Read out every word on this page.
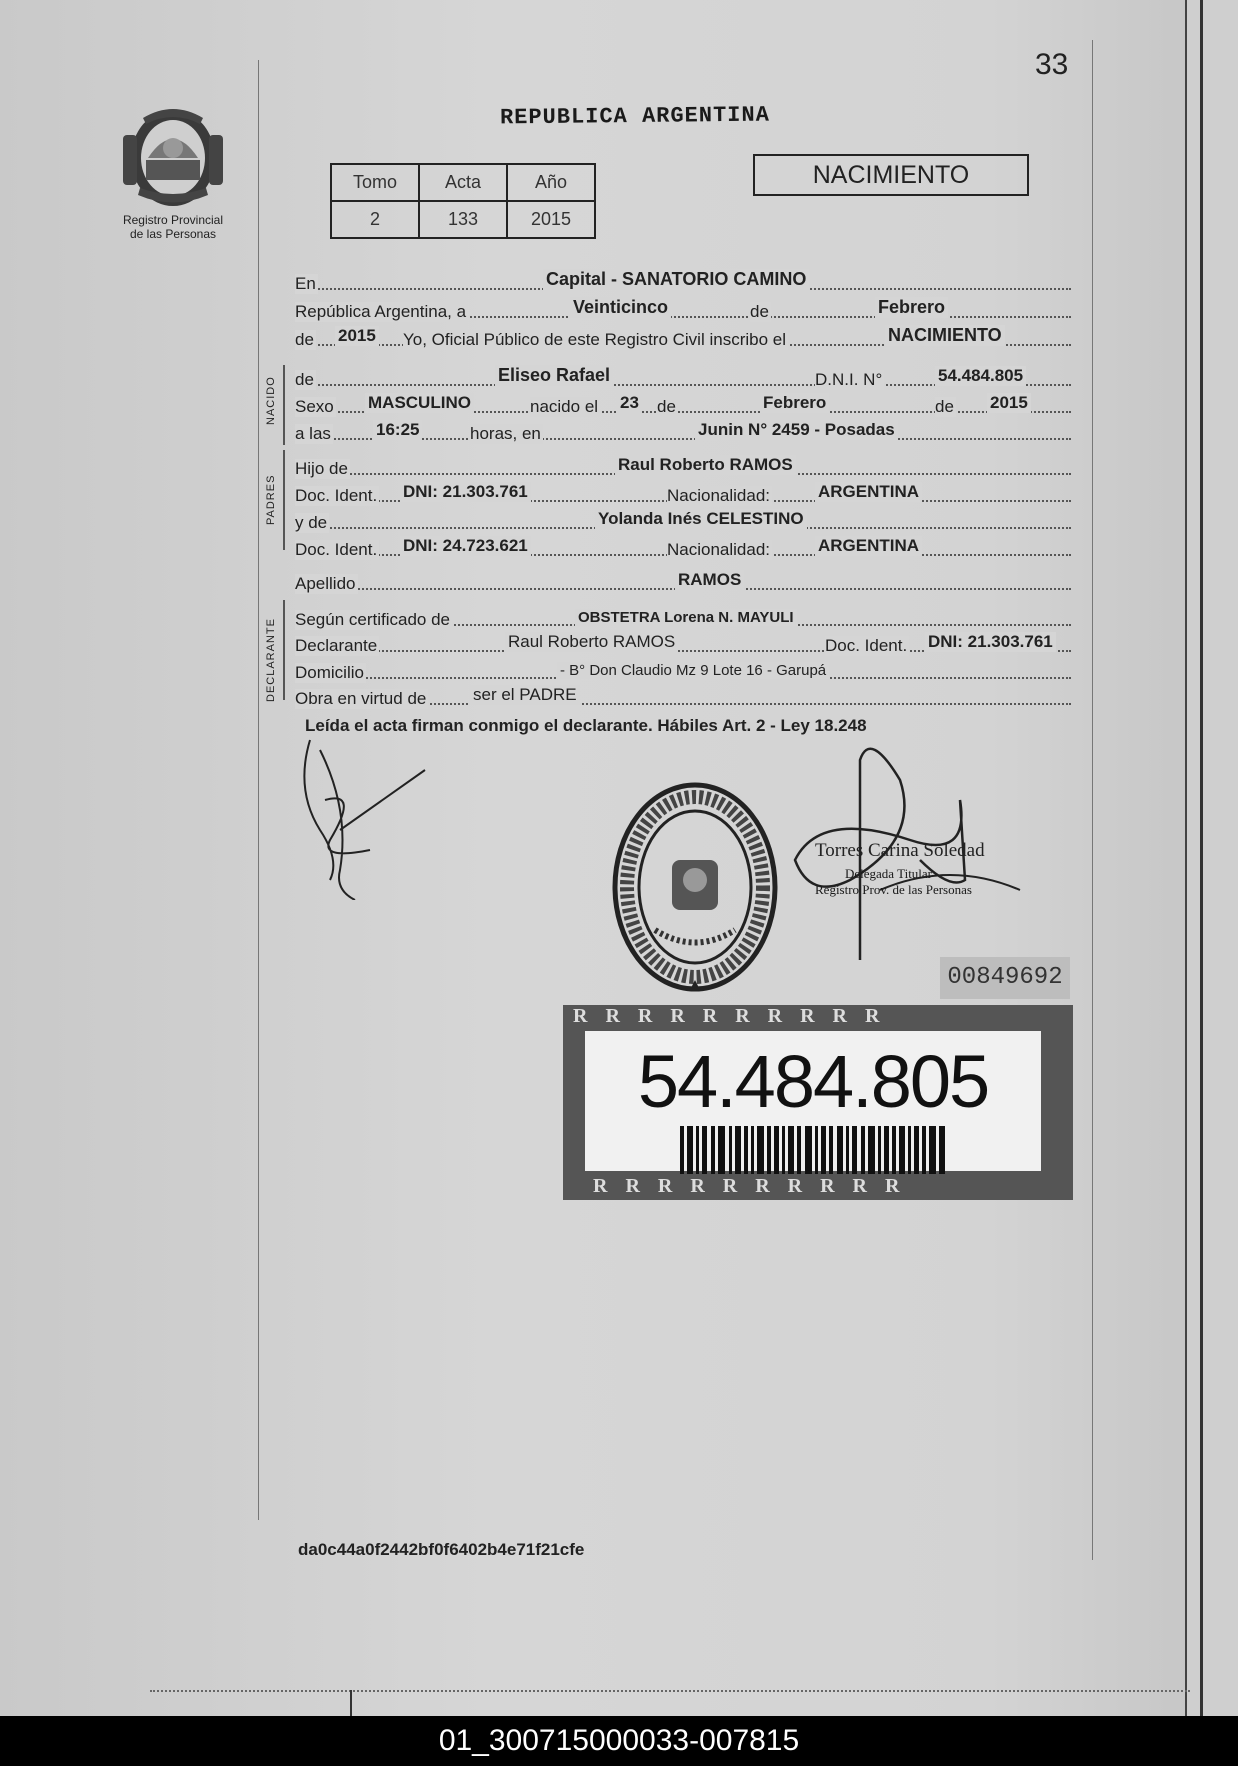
33
Registro Provincial
de las Personas
REPUBLICA ARGENTINA
Tomo	Acta	Año
2	133	2015
NACIMIENTO
En	Capital - SANATORIO CAMINO
República Argentina, a	Veinticinco	de	Febrero
de 2015 Yo, Oficial Público de este Registro Civil inscribo el	NACIMIENTO
NACIDO de	Eliseo Rafael	D.N.I. N°	54.484.805
Sexo MASCULINO	nacido el 23 de	Febrero	de 2015
a las	16:25	horas, en	Junin N° 2459 - Posadas
PADRES
Hijo de	Raul Roberto RAMOS
Doc. Ident. DNI: 21.303.761	Nacionalidad:	ARGENTINA
y de	Yolanda Inés CELESTINO
Doc. Ident. DNI: 24.723.621	Nacionalidad:	ARGENTINA
Apellido	RAMOS
DECLARANTE Según certificado de	OBSTETRA Lorena N. MAYULI
Declarante	Raul Roberto RAMOS	Doc. Ident. DNI: 21.303.761
Domicilio	- B° Don Claudio Mz 9 Lote 16 - Garupá
Obra en virtud de	ser el PADRE
Leída el acta firman conmigo el declarante. Hábiles Art. 2 - Ley 18.248
Torres Carina Soledad
Delegada Titular
Registro Prov. de las Personas
00849692
RRRRRRRRRR
RRRRRRRRRR
54.484.805
da0c44a0f2442bf0f6402b4e71f21cfe
01_300715000033-007815
